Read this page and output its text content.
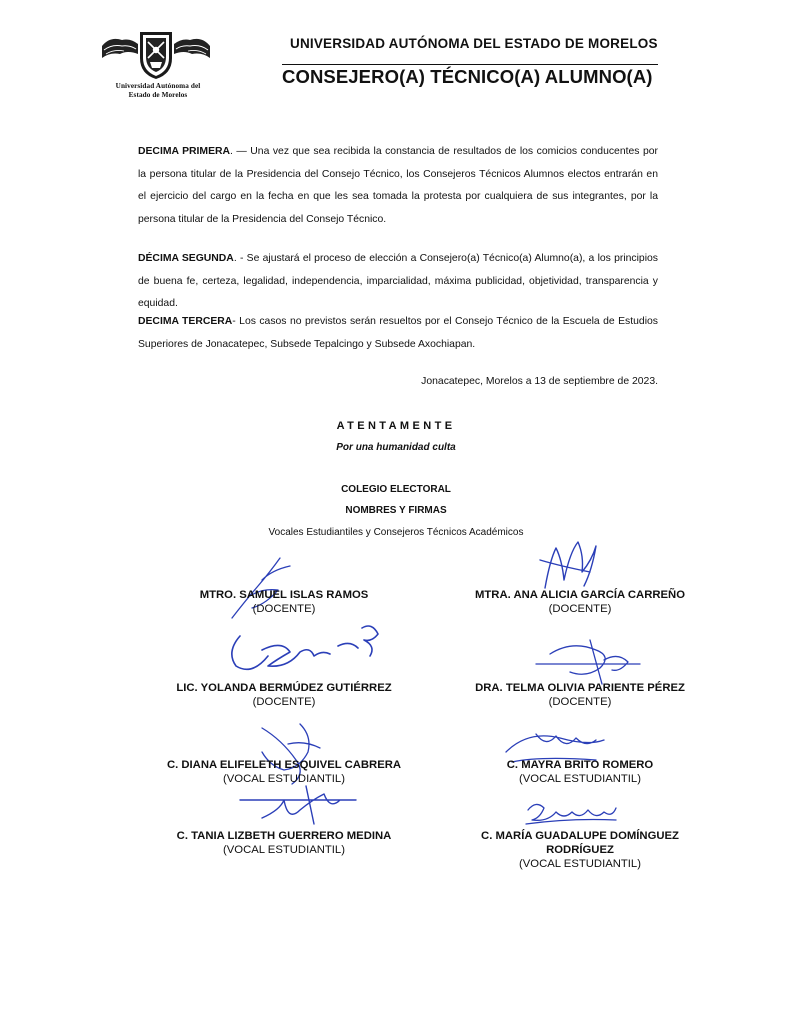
Universidad Autónoma del
Estado de Morelos
UNIVERSIDAD AUTÓNOMA DEL ESTADO DE MORELOS
CONSEJERO(A) TÉCNICO(A) ALUMNO(A)
DECIMA PRIMERA. — Una vez que sea recibida la constancia de resultados de los comicios conducentes por la persona titular de la Presidencia del Consejo Técnico, los Consejeros Técnicos Alumnos electos entrarán en el ejercicio del cargo en la fecha en que les sea tomada la protesta por cualquiera de sus integrantes, por la persona titular de la Presidencia del Consejo Técnico.
DÉCIMA SEGUNDA. - Se ajustará el proceso de elección a Consejero(a) Técnico(a) Alumno(a), a los principios de buena fe, certeza, legalidad, independencia, imparcialidad, máxima publicidad, objetividad, transparencia y equidad.
DECIMA TERCERA- Los casos no previstos serán resueltos por el Consejo Técnico de la Escuela de Estudios Superiores de Jonacatepec, Subsede Tepalcingo y Subsede Axochiapan.
Jonacatepec, Morelos a 13 de septiembre de 2023.
ATENTAMENTE
Por una humanidad culta
COLEGIO ELECTORAL
NOMBRES Y FIRMAS
Vocales Estudiantiles y Consejeros Técnicos Académicos
MTRO. SAMUEL ISLAS RAMOS
(DOCENTE)
MTRA. ANA ALICIA GARCÍA CARREÑO
(DOCENTE)
LIC. YOLANDA BERMÚDEZ GUTIÉRREZ
(DOCENTE)
DRA. TELMA OLIVIA PARIENTE PÉREZ
(DOCENTE)
C. DIANA ELIFELETH ESQUIVEL CABRERA
(VOCAL ESTUDIANTIL)
C. MAYRA BRITO ROMERO
(VOCAL ESTUDIANTIL)
C. TANIA LIZBETH GUERRERO MEDINA
(VOCAL ESTUDIANTIL)
C. MARÍA GUADALUPE DOMÍNGUEZ
RODRÍGUEZ
(VOCAL ESTUDIANTIL)
